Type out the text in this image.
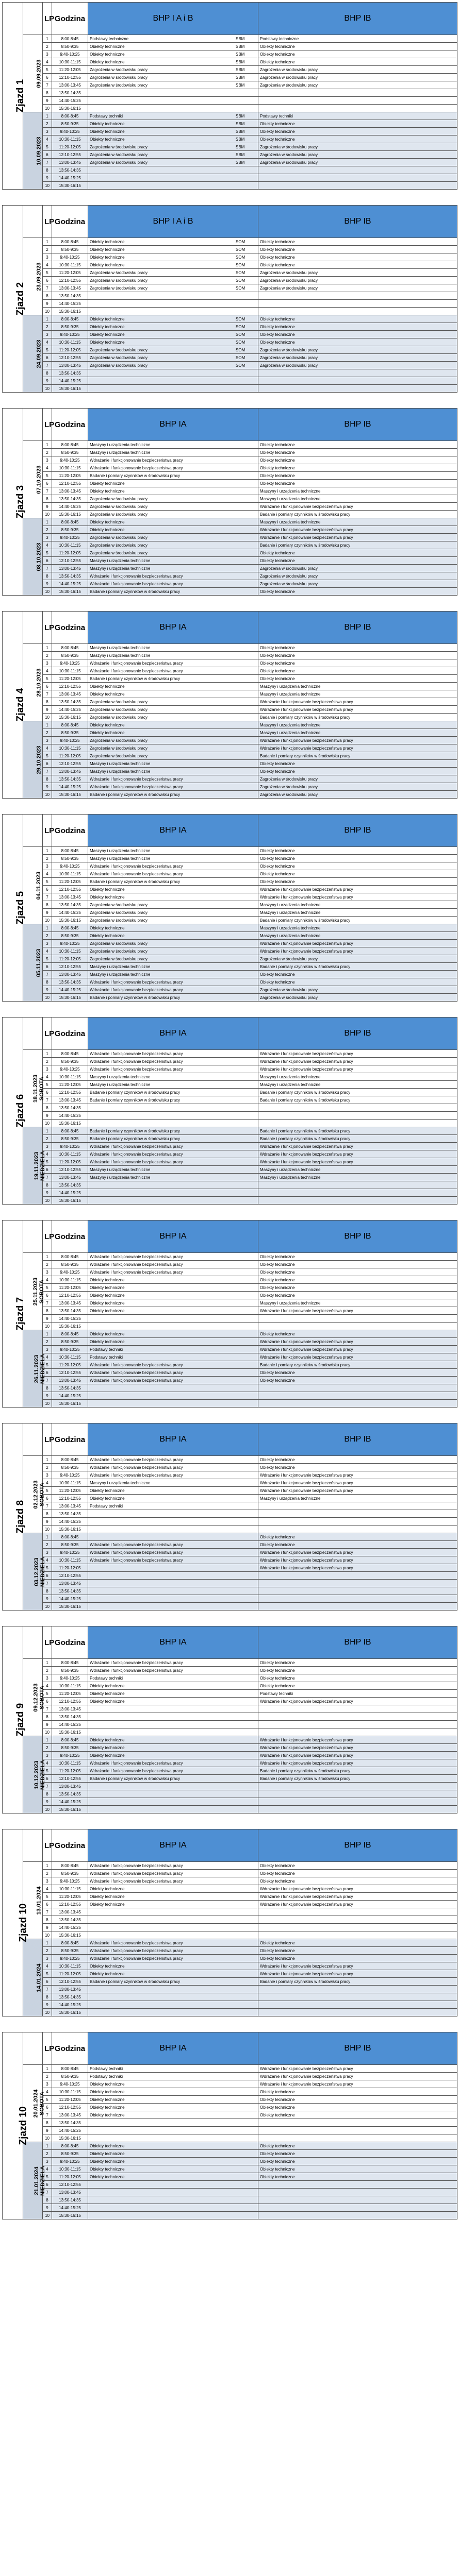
Zjazd 1		LP	Godzina	BHP I A i B	BHP IB

	09.09.2023	1	8:00-8:45	Podstawy techniczne SBM	Podstawy techniczne
		2	8:50-9:35	Obiekty techniczne SBM	Obiekty techniczne
		3	9:40-10:25	Obiekty techniczne SBM	Obiekty techniczne
		4	10:30-11:15	Obiekty techniczne SBM	Obiekty techniczne
		5	11:20-12:05	Zagrożenia w środowisku pracy SBM	Zagrożenia w środowisku pracy
		6	12:10-12:55	Zagrożenia w środowisku pracy SBM	Zagrożenia w środowisku pracy
		7	13:00-13:45	Zagrożenia w środowisku pracy SBM	Zagrożenia w środowisku pracy
		8	13:50-14:35		
		9	14:40-15:25		
		10	15:30-16:15		

	10.09.2023	1	8:00-8:45	Podstawy techniki SBM	Podstawy techniki
		2	8:50-9:35	Obiekty techniczne SBM	Obiekty techniczne
		3	9:40-10:25	Obiekty techniczne SBM	Obiekty techniczne
		4	10:30-11:15	Obiekty techniczne SBM	Obiekty techniczne
		5	11:20-12:05	Zagrożenia w środowisku pracy SBM	Zagrożenia w środowisku pracy
		6	12:10-12:55	Zagrożenia w środowisku pracy SBM	Zagrożenia w środowisku pracy
		7	13:00-13:45	Zagrożenia w środowisku pracy SBM	Zagrożenia w środowisku pracy
		8	13:50-14:35		
		9	14:40-15:25		
		10	15:30-16:15		
Zjazd 2		LP	Godzina	BHP I A i B	BHP IB

	23.09.2023	1	8:00-8:45	Obiekty techniczne SOM	Obiekty techniczne
		2	8:50-9:35	Obiekty techniczne SOM	Obiekty techniczne
		3	9:40-10:25	Obiekty techniczne SOM	Obiekty techniczne
		4	10:30-11:15	Obiekty techniczne SOM	Obiekty techniczne
		5	11:20-12:05	Zagrożenia w środowisku pracy SOM	Zagrożenia w środowisku pracy
		6	12:10-12:55	Zagrożenia w środowisku pracy SOM	Zagrożenia w środowisku pracy
		7	13:00-13:45	Zagrożenia w środowisku pracy SOM	Zagrożenia w środowisku pracy
		8	13:50-14:35		
		9	14:40-15:25		
		10	15:30-16:15		

	24.09.2023	1	8:00-8:45	Obiekty techniczne SOM	Obiekty techniczne
		2	8:50-9:35	Obiekty techniczne SOM	Obiekty techniczne
		3	9:40-10:25	Obiekty techniczne SOM	Obiekty techniczne
		4	10:30-11:15	Obiekty techniczne SOM	Obiekty techniczne
		5	11:20-12:05	Zagrożenia w środowisku pracy SOM	Zagrożenia w środowisku pracy
		6	12:10-12:55	Zagrożenia w środowisku pracy SOM	Zagrożenia w środowisku pracy
		7	13:00-13:45	Zagrożenia w środowisku pracy SOM	Zagrożenia w środowisku pracy
		8	13:50-14:35		
		9	14:40-15:25		
		10	15:30-16:15		
Zjazd 3		LP	Godzina	BHP IA	BHP IB

	07.10.2023	1	8:00-8:45	Maszyny i urządzenia techniczne	Obiekty techniczne
		2	8:50-9:35	Maszyny i urządzenia techniczne	Obiekty techniczne
		3	9:40-10:25	Wdrażanie i funkcjonowanie bezpieczeństwa pracy	Obiekty techniczne
		4	10:30-11:15	Wdrażanie i funkcjonowanie bezpieczeństwa pracy	Obiekty techniczne
		5	11:20-12:05	Badanie i pomiary czynników w środowisku pracy	Obiekty techniczne
		6	12:10-12:55	Obiekty techniczne	Obiekty techniczne
		7	13:00-13:45	Obiekty techniczne	Maszyny i urządzenia techniczne
		8	13:50-14:35	Zagrożenia w środowisku pracy	Maszyny i urządzenia techniczne
		9	14:40-15:25	Zagrożenia w środowisku pracy	Wdrażanie i funkcjonowanie bezpieczeństwa pracy
		10	15:30-16:15	Zagrożenia w środowisku pracy	Badanie i pomiary czynników w środowisku pracy

	08.10.2023	1	8:00-8:45	Obiekty techniczne	Maszyny i urządzenia techniczne
		2	8:50-9:35	Obiekty techniczne	Wdrażanie i funkcjonowanie bezpieczeństwa pracy
		3	9:40-10:25	Zagrożenia w środowisku pracy	Wdrażanie i funkcjonowanie bezpieczeństwa pracy
		4	10:30-11:15	Zagrożenia w środowisku pracy	Badanie i pomiary czynników w środowisku pracy
		5	11:20-12:05	Zagrożenia w środowisku pracy	Obiekty techniczne
		6	12:10-12:55	Maszyny i urządzenia techniczne	Obiekty techniczne
		7	13:00-13:45	Maszyny i urządzenia techniczne	Zagrożenia w środowisku pracy
		8	13:50-14:35	Wdrażanie i funkcjonowanie bezpieczeństwa pracy	Zagrożenia w środowisku pracy
		9	14:40-15:25	Wdrażanie i funkcjonowanie bezpieczeństwa pracy	Zagrożenia w środowisku pracy
		10	15:30-16:15	Badanie i pomiary czynników w środowisku pracy	Obiekty techniczne
Zjazd 4		LP	Godzina	BHP IA	BHP IB

	28.10.2023	1	8:00-8:45	Maszyny i urządzenia techniczne	Obiekty techniczne
		2	8:50-9:35	Maszyny i urządzenia techniczne	Obiekty techniczne
		3	9:40-10:25	Wdrażanie i funkcjonowanie bezpieczeństwa pracy	Obiekty techniczne
		4	10:30-11:15	Wdrażanie i funkcjonowanie bezpieczeństwa pracy	Obiekty techniczne
		5	11:20-12:05	Badanie i pomiary czynników w środowisku pracy	Obiekty techniczne
		6	12:10-12:55	Obiekty techniczne	Maszyny i urządzenia techniczne
		7	13:00-13:45	Obiekty techniczne	Maszyny i urządzenia techniczne
		8	13:50-14:35	Zagrożenia w środowisku pracy	Wdrażanie i funkcjonowanie bezpieczeństwa pracy
		9	14:40-15:25	Zagrożenia w środowisku pracy	Wdrażanie i funkcjonowanie bezpieczeństwa pracy
		10	15:30-16:15	Zagrożenia w środowisku pracy	Badanie i pomiary czynników w środowisku pracy

	29.10.2023	1	8:00-8:45	Obiekty techniczne	Maszyny i urządzenia techniczne
		2	8:50-9:35	Obiekty techniczne	Maszyny i urządzenia techniczne
		3	9:40-10:25	Zagrożenia w środowisku pracy	Wdrażanie i funkcjonowanie bezpieczeństwa pracy
		4	10:30-11:15	Zagrożenia w środowisku pracy	Wdrażanie i funkcjonowanie bezpieczeństwa pracy
		5	11:20-12:05	Zagrożenia w środowisku pracy	Badanie i pomiary czynników w środowisku pracy
		6	12:10-12:55	Maszyny i urządzenia techniczne	Obiekty techniczne
		7	13:00-13:45	Maszyny i urządzenia techniczne	Obiekty techniczne
		8	13:50-14:35	Wdrażanie i funkcjonowanie bezpieczeństwa pracy	Zagrożenia w środowisku pracy
		9	14:40-15:25	Wdrażanie i funkcjonowanie bezpieczeństwa pracy	Zagrożenia w środowisku pracy
		10	15:30-16:15	Badanie i pomiary czynników w środowisku pracy	Zagrożenia w środowisku pracy
Zjazd 5		LP	Godzina	BHP IA	BHP IB

	04.11.2023	1	8:00-8:45	Maszyny i urządzenia techniczne	Obiekty techniczne
		2	8:50-9:35	Maszyny i urządzenia techniczne	Obiekty techniczne
		3	9:40-10:25	Wdrażanie i funkcjonowanie bezpieczeństwa pracy	Obiekty techniczne
		4	10:30-11:15	Wdrażanie i funkcjonowanie bezpieczeństwa pracy	Obiekty techniczne
		5	11:20-12:05	Badanie i pomiary czynników w środowisku pracy	Obiekty techniczne
		6	12:10-12:55	Obiekty techniczne	Wdrażanie i funkcjonowanie bezpieczeństwa pracy
		7	13:00-13:45	Obiekty techniczne	Wdrażanie i funkcjonowanie bezpieczeństwa pracy
		8	13:50-14:35	Zagrożenia w środowisku pracy	Maszyny i urządzenia techniczne
		9	14:40-15:25	Zagrożenia w środowisku pracy	Maszyny i urządzenia techniczne
		10	15:30-16:15	Zagrożenia w środowisku pracy	Badanie i pomiary czynników w środowisku pracy

	05.11.2023	1	8:00-8:45	Obiekty techniczne	Maszyny i urządzenia techniczne
		2	8:50-9:35	Obiekty techniczne	Maszyny i urządzenia techniczne
		3	9:40-10:25	Zagrożenia w środowisku pracy	Wdrażanie i funkcjonowanie bezpieczeństwa pracy
		4	10:30-11:15	Zagrożenia w środowisku pracy	Wdrażanie i funkcjonowanie bezpieczeństwa pracy
		5	11:20-12:05	Zagrożenia w środowisku pracy	Zagrożenia w środowisku pracy
		6	12:10-12:55	Maszyny i urządzenia techniczne	Badanie i pomiary czynników w środowisku pracy
		7	13:00-13:45	Maszyny i urządzenia techniczne	Obiekty techniczne
		8	13:50-14:35	Wdrażanie i funkcjonowanie bezpieczeństwa pracy	Obiekty techniczne
		9	14:40-15:25	Wdrażanie i funkcjonowanie bezpieczeństwa pracy	Zagrożenia w środowisku pracy
		10	15:30-16:15	Badanie i pomiary czynników w środowisku pracy	Zagrożenia w środowisku pracy
Zjazd 6		LP	Godzina	BHP IA	BHP IB

	18.11.2023 SOBOTA	1	8:00-8:45	Wdrażanie i funkcjonowanie bezpieczeństwa pracy	Wdrażanie i funkcjonowanie bezpieczeństwa pracy
		2	8:50-9:35	Wdrażanie i funkcjonowanie bezpieczeństwa pracy	Wdrażanie i funkcjonowanie bezpieczeństwa pracy
		3	9:40-10:25	Wdrażanie i funkcjonowanie bezpieczeństwa pracy	Wdrażanie i funkcjonowanie bezpieczeństwa pracy
		4	10:30-11:15	Maszyny i urządzenia techniczne	Maszyny i urządzenia techniczne
		5	11:20-12:05	Maszyny i urządzenia techniczne	Maszyny i urządzenia techniczne
		6	12:10-12:55	Badanie i pomiary czynników w środowisku pracy	Badanie i pomiary czynników w środowisku pracy
		7	13:00-13:45	Badanie i pomiary czynników w środowisku pracy	Badanie i pomiary czynników w środowisku pracy
		8	13:50-14:35		
		9	14:40-15:25		
		10	15:30-16:15		

	19.11.2023 NIEDZIELA	1	8:00-8:45	Badanie i pomiary czynników w środowisku pracy	Badanie i pomiary czynników w środowisku pracy
		2	8:50-9:35	Badanie i pomiary czynników w środowisku pracy	Badanie i pomiary czynników w środowisku pracy
		3	9:40-10:25	Wdrażanie i funkcjonowanie bezpieczeństwa pracy	Wdrażanie i funkcjonowanie bezpieczeństwa pracy
		4	10:30-11:15	Wdrażanie i funkcjonowanie bezpieczeństwa pracy	Wdrażanie i funkcjonowanie bezpieczeństwa pracy
		5	11:20-12:05	Wdrażanie i funkcjonowanie bezpieczeństwa pracy	Wdrażanie i funkcjonowanie bezpieczeństwa pracy
		6	12:10-12:55	Maszyny i urządzenia techniczne	Maszyny i urządzenia techniczne
		7	13:00-13:45	Maszyny i urządzenia techniczne	Maszyny i urządzenia techniczne
		8	13:50-14:35		
		9	14:40-15:25		
		10	15:30-16:15		
Zjazd 7		LP	Godzina	BHP IA	BHP IB

	25.11.2023 SOBOTA	1	8:00-8:45	Wdrażanie i funkcjonowanie bezpieczeństwa pracy	Obiekty techniczne
		2	8:50-9:35	Wdrażanie i funkcjonowanie bezpieczeństwa pracy	Obiekty techniczne
		3	9:40-10:25	Wdrażanie i funkcjonowanie bezpieczeństwa pracy	Obiekty techniczne
		4	10:30-11:15	Obiekty techniczne	Obiekty techniczne
		5	11:20-12:05	Obiekty techniczne	Obiekty techniczne
		6	12:10-12:55	Obiekty techniczne	Obiekty techniczne
		7	13:00-13:45	Obiekty techniczne	Maszyny i urządzenia techniczne
		8	13:50-14:35	Obiekty techniczne	Wdrażanie i funkcjonowanie bezpieczeństwa pracy
		9	14:40-15:25		
		10	15:30-16:15		

	26.11.2023 NIEDZIELA	1	8:00-8:45	Obiekty techniczne	Obiekty techniczne
		2	8:50-9:35	Obiekty techniczne	Wdrażanie i funkcjonowanie bezpieczeństwa pracy
		3	9:40-10:25	Podstawy techniki	Wdrażanie i funkcjonowanie bezpieczeństwa pracy
		4	10:30-11:15	Podstawy techniki	Wdrażanie i funkcjonowanie bezpieczeństwa pracy
		5	11:20-12:05	Wdrażanie i funkcjonowanie bezpieczeństwa pracy	Badanie i pomiary czynników w środowisku pracy
		6	12:10-12:55	Wdrażanie i funkcjonowanie bezpieczeństwa pracy	Obiekty techniczne
		7	13:00-13:45	Wdrażanie i funkcjonowanie bezpieczeństwa pracy	Obiekty techniczne
		8	13:50-14:35		
		9	14:40-15:25		
		10	15:30-16:15		
Zjazd 8		LP	Godzina	BHP IA	BHP IB

	02.12.2023 SOBOTA	1	8:00-8:45	Wdrażanie i funkcjonowanie bezpieczeństwa pracy	Obiekty techniczne
		2	8:50-9:35	Wdrażanie i funkcjonowanie bezpieczeństwa pracy	Obiekty techniczne
		3	9:40-10:25	Wdrażanie i funkcjonowanie bezpieczeństwa pracy	Wdrażanie i funkcjonowanie bezpieczeństwa pracy
		4	10:30-11:15	Maszyny i urządzenia techniczne	Wdrażanie i funkcjonowanie bezpieczeństwa pracy
		5	11:20-12:05	Obiekty techniczne	Wdrażanie i funkcjonowanie bezpieczeństwa pracy
		6	12:10-12:55	Obiekty techniczne	Maszyny i urządzenia techniczne
		7	13:00-13:45	Podstawy techniki	
		8	13:50-14:35		
		9	14:40-15:25		
		10	15:30-16:15		

	03.12.2023 NIEDZIELA	1	8:00-8:45		Obiekty techniczne
		2	8:50-9:35	Wdrażanie i funkcjonowanie bezpieczeństwa pracy	Obiekty techniczne
		3	9:40-10:25	Wdrażanie i funkcjonowanie bezpieczeństwa pracy	Wdrażanie i funkcjonowanie bezpieczeństwa pracy
		4	10:30-11:15	Wdrażanie i funkcjonowanie bezpieczeństwa pracy	Wdrażanie i funkcjonowanie bezpieczeństwa pracy
		5	11:20-12:05		Wdrażanie i funkcjonowanie bezpieczeństwa pracy
		6	12:10-12:55		
		7	13:00-13:45		
		8	13:50-14:35		
		9	14:40-15:25		
		10	15:30-16:15		
Zjazd 9		LP	Godzina	BHP IA	BHP IB

	09.12.2023 SOBOTA	1	8:00-8:45	Wdrażanie i funkcjonowanie bezpieczeństwa pracy	Obiekty techniczne
		2	8:50-9:35	Wdrażanie i funkcjonowanie bezpieczeństwa pracy	Obiekty techniczne
		3	9:40-10:25	Podstawy techniki	Obiekty techniczne
		4	10:30-11:15	Obiekty techniczne	Obiekty techniczne
		5	11:20-12:05	Obiekty techniczne	Podstawy techniki
		6	12:10-12:55	Obiekty techniczne	Wdrażanie i funkcjonowanie bezpieczeństwa pracy
		7	13:00-13:45		
		8	13:50-14:35		
		9	14:40-15:25		
		10	15:30-16:15		

	10.12.2023 NIEDZIELA	1	8:00-8:45	Obiekty techniczne	Wdrażanie i funkcjonowanie bezpieczeństwa pracy
		2	8:50-9:35	Obiekty techniczne	Wdrażanie i funkcjonowanie bezpieczeństwa pracy
		3	9:40-10:25	Obiekty techniczne	Wdrażanie i funkcjonowanie bezpieczeństwa pracy
		4	10:30-11:15	Wdrażanie i funkcjonowanie bezpieczeństwa pracy	Wdrażanie i funkcjonowanie bezpieczeństwa pracy
		5	11:20-12:05	Wdrażanie i funkcjonowanie bezpieczeństwa pracy	Badanie i pomiary czynników w środowisku pracy
		6	12:10-12:55	Badanie i pomiary czynników w środowisku pracy	Badanie i pomiary czynników w środowisku pracy
		7	13:00-13:45		
		8	13:50-14:35		
		9	14:40-15:25		
		10	15:30-16:15		
Zjazd 10		LP	Godzina	BHP IA	BHP IB

	13.01.2024	1	8:00-8:45	Wdrażanie i funkcjonowanie bezpieczeństwa pracy	Obiekty techniczne
		2	8:50-9:35	Wdrażanie i funkcjonowanie bezpieczeństwa pracy	Obiekty techniczne
		3	9:40-10:25	Wdrażanie i funkcjonowanie bezpieczeństwa pracy	Obiekty techniczne
		4	10:30-11:15	Obiekty techniczne	Wdrażanie i funkcjonowanie bezpieczeństwa pracy
		5	11:20-12:05	Obiekty techniczne	Wdrażanie i funkcjonowanie bezpieczeństwa pracy
		6	12:10-12:55	Obiekty techniczne	Wdrażanie i funkcjonowanie bezpieczeństwa pracy
		7	13:00-13:45		
		8	13:50-14:35		
		9	14:40-15:25		
		10	15:30-16:15		

	14.01.2024	1	8:00-8:45	Wdrażanie i funkcjonowanie bezpieczeństwa pracy	Obiekty techniczne
		2	8:50-9:35	Wdrażanie i funkcjonowanie bezpieczeństwa pracy	Obiekty techniczne
		3	9:40-10:25	Wdrażanie i funkcjonowanie bezpieczeństwa pracy	Obiekty techniczne
		4	10:30-11:15	Obiekty techniczne	Wdrażanie i funkcjonowanie bezpieczeństwa pracy
		5	11:20-12:05	Obiekty techniczne	Wdrażanie i funkcjonowanie bezpieczeństwa pracy
		6	12:10-12:55	Badanie i pomiary czynników w środowisku pracy	Badanie i pomiary czynników w środowisku pracy
		7	13:00-13:45		
		8	13:50-14:35		
		9	14:40-15:25		
		10	15:30-16:15		
Zjazd 10		LP	Godzina	BHP IA	BHP IB

	20.01.2024 SOBOTA	1	8:00-8:45	Podstawy techniki	Wdrażanie i funkcjonowanie bezpieczeństwa pracy
		2	8:50-9:35	Podstawy techniki	Wdrażanie i funkcjonowanie bezpieczeństwa pracy
		3	9:40-10:25	Obiekty techniczne	Wdrażanie i funkcjonowanie bezpieczeństwa pracy
		4	10:30-11:15	Obiekty techniczne	Obiekty techniczne
		5	11:20-12:05	Obiekty techniczne	Obiekty techniczne
		6	12:10-12:55	Obiekty techniczne	Obiekty techniczne
		7	13:00-13:45	Obiekty techniczne	Obiekty techniczne
		8	13:50-14:35		
		9	14:40-15:25		
		10	15:30-16:15		

	21.01.2024 NIEDZIELA	1	8:00-8:45	Obiekty techniczne	Obiekty techniczne
		2	8:50-9:35	Obiekty techniczne	Obiekty techniczne
		3	9:40-10:25	Obiekty techniczne	Obiekty techniczne
		4	10:30-11:15	Obiekty techniczne	Obiekty techniczne
		5	11:20-12:05	Obiekty techniczne	Obiekty techniczne
		6	12:10-12:55		
		7	13:00-13:45		
		8	13:50-14:35		
		9	14:40-15:25		
		10	15:30-16:15		
